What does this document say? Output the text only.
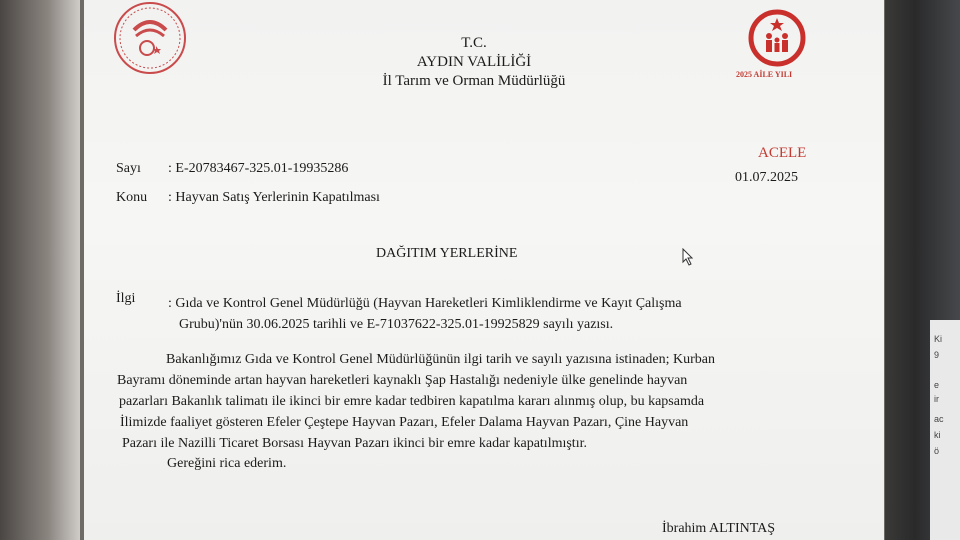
T.C.
AYDIN VALİLİĞİ
İl Tarım ve Orman Müdürlüğü	2025 AİLE YILI
Sayı : E-20783467-325.01-19935286
Konu : Hayvan Satış Yerlerinin Kapatılması
ACELE
01.07.2025
DAĞITIM YERLERİNE
İlgi : Gıda ve Kontrol Genel Müdürlüğü (Hayvan Hareketleri Kimliklendirme ve Kayıt Çalışma
Grubu)'nün 30.06.2025 tarihli ve E-71037622-325.01-19925829 sayılı yazısı.
Bakanlığımız Gıda ve Kontrol Genel Müdürlüğünün ilgi tarih ve sayılı yazısına istinaden; Kurban
Bayramı döneminde artan hayvan hareketleri kaynaklı Şap Hastalığı nedeniyle ülke genelinde hayvan
pazarları Bakanlık talimatı ile ikinci bir emre kadar tedbiren kapatılma kararı alınmış olup, bu kapsamda
İlimizde faaliyet gösteren Efeler Çeştepe Hayvan Pazarı, Efeler Dalama Hayvan Pazarı, Çine Hayvan
Pazarı ile Nazilli Ticaret Borsası Hayvan Pazarı ikinci bir emre kadar kapatılmıştır.
Gereğini rica ederim.
İbrahim ALTINTAŞ
Ki
9
e
ir
ac
ki
ö
